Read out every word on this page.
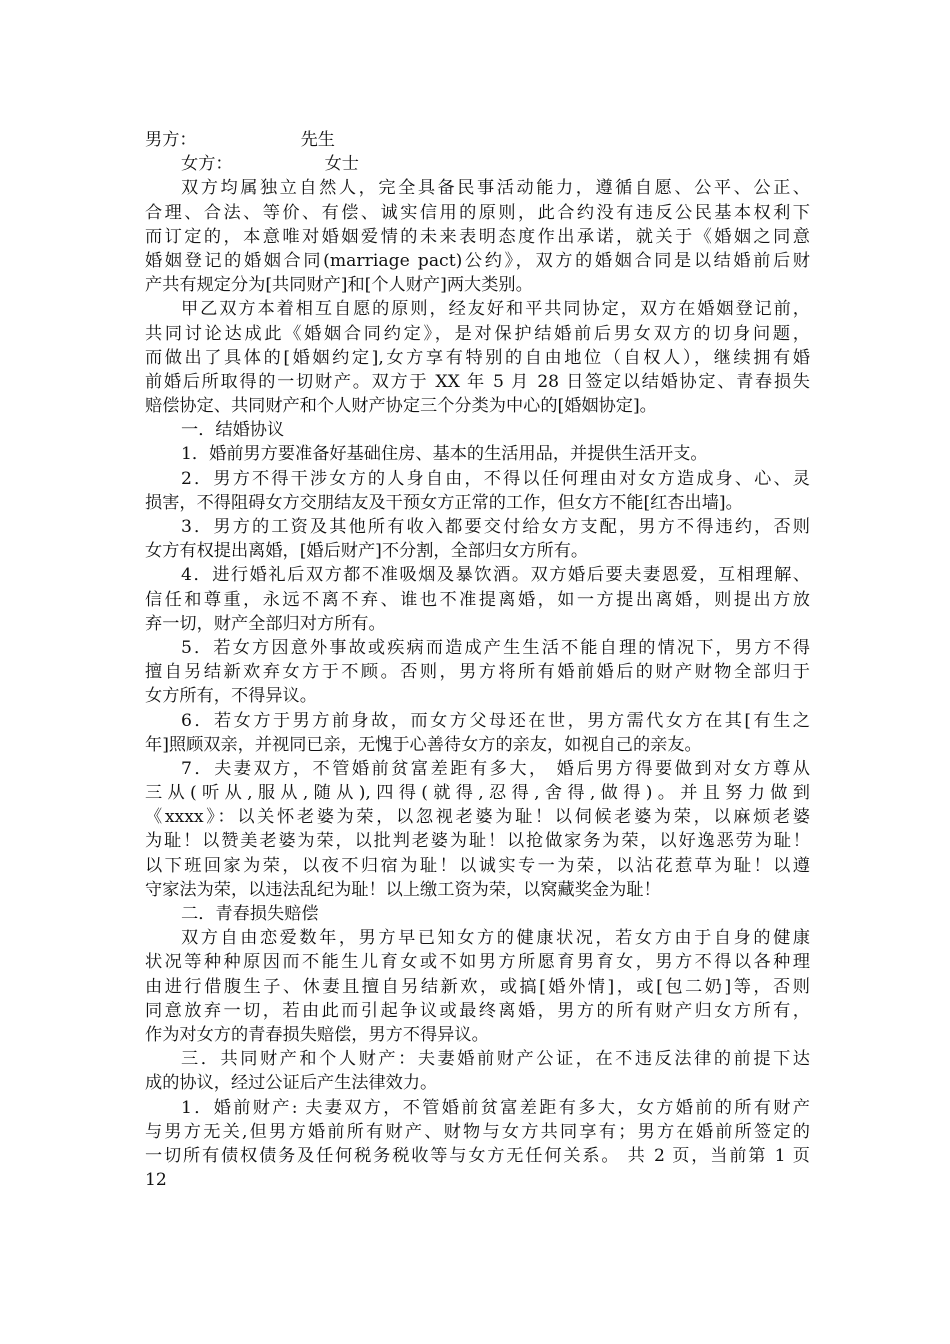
男方：	先生
女方：	女士
双方均属独立自然人，完全具备民事活动能力，遵循自愿、公平、公正、
合理、合法、等价、有偿、诚实信用的原则，此合约没有违反公民基本权利下
而订定的，本意唯对婚姻爱情的未来表明态度作出承诺，就关于《婚姻之同意
婚姻登记的婚姻合同(marriage pact)公约》，双方的婚姻合同是以结婚前后财
产共有规定分为[共同财产]和[个人财产]两大类别。
甲乙双方本着相互自愿的原则，经友好和平共同协定，双方在婚姻登记前，
共同讨论达成此《婚姻合同约定》，是对保护结婚前后男女双方的切身问题，
而做出了具体的[婚姻约定],女方享有特别的自由地位（自权人），继续拥有婚
前婚后所取得的一切财产。双方于 XX 年 5 月 28 日签定以结婚协定、青春损失
赔偿协定、共同财产和个人财产协定三个分类为中心的[婚姻协定]。
一．结婚协议
1．婚前男方要准备好基础住房、基本的生活用品，并提供生活开支。
2．男方不得干涉女方的人身自由，不得以任何理由对女方造成身、心、灵
损害，不得阻碍女方交朋结友及干预女方正常的工作，但女方不能[红杏出墙]。
3．男方的工资及其他所有收入都要交付给女方支配，男方不得违约，否则
女方有权提出离婚，[婚后财产]不分割，全部归女方所有。
4．进行婚礼后双方都不准吸烟及暴饮酒。双方婚后要夫妻恩爱，互相理解、
信任和尊重，永远不离不弃、谁也不准提离婚，如一方提出离婚，则提出方放
弃一切，财产全部归对方所有。
5．若女方因意外事故或疾病而造成产生生活不能自理的情况下，男方不得
擅自另结新欢弃女方于不顾。否则，男方将所有婚前婚后的财产财物全部归于
女方所有，不得异议。
6．若女方于男方前身故，而女方父母还在世，男方需代女方在其[有生之
年]照顾双亲，并视同已亲，无愧于心善待女方的亲友，如视自己的亲友。
7．夫妻双方，不管婚前贫富差距有多大， 婚后男方得要做到对女方尊从
三从(听从,服从,随从),四得(就得,忍得,舍得,做得)。并且努力做到
《xxxx》：以关怀老婆为荣，以忽视老婆为耻！以伺候老婆为荣，以麻烦老婆
为耻！以赞美老婆为荣，以批判老婆为耻！以抢做家务为荣，以好逸恶劳为耻！
以下班回家为荣，以夜不归宿为耻！以诚实专一为荣，以沾花惹草为耻！以遵
守家法为荣，以违法乱纪为耻！以上缴工资为荣，以窝藏奖金为耻！
二．青春损失赔偿
双方自由恋爱数年，男方早已知女方的健康状况，若女方由于自身的健康
状况等种种原因而不能生儿育女或不如男方所愿育男育女，男方不得以各种理
由进行借腹生子、休妻且擅自另结新欢，或搞[婚外情]，或[包二奶]等，否则
同意放弃一切，若由此而引起争议或最终离婚，男方的所有财产归女方所有，
作为对女方的青春损失赔偿，男方不得异议。
三．共同财产和个人财产：夫妻婚前财产公证，在不违反法律的前提下达
成的协议，经过公证后产生法律效力。
1．婚前财产: 夫妻双方，不管婚前贫富差距有多大，女方婚前的所有财产
与男方无关,但男方婚前所有财产、财物与女方共同享有；男方在婚前所签定的
一切所有债权债务及任何税务税收等与女方无任何关系。 共 2 页，当前第 1 页
12
